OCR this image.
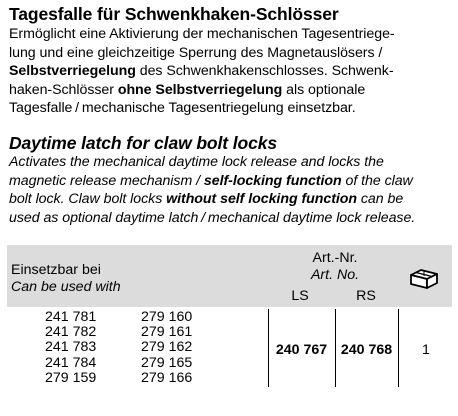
Tagesfalle für Schwenkhaken-Schlösser
Ermöglicht eine Aktivierung der mechanischen Tagesentriege-
lung und eine gleichzeitige Sperrung des Magnetauslösers /
Selbstverriegelung des Schwenkhakenschlosses. Schwenk-
haken-Schlösser ohne Selbstverriegelung als optionale
Tagesfalle / mechanische Tagesentriegelung einsetzbar.
Daytime latch for claw bolt locks
Activates the mechanical daytime lock release and locks the
magnetic release mechanism / self-locking function of the claw
bolt lock. Claw bolt locks without self locking function can be
used as optional daytime latch / mechanical daytime lock release.
Einsetzbar bei
Can be used with
Art.-Nr.
Art. No.
LS	RS
241 781
241 782
241 783
241 784
279 159
279 160
279 161
279 162
279 165
279 166
240 767 240 768	1
